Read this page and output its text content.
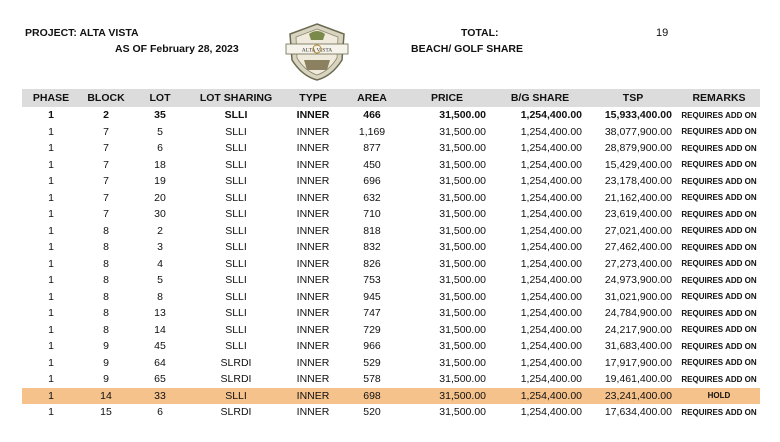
PROJECT: ALTA VISTA
AS OF February 28, 2023
TOTAL:	19
BEACH/ GOLF SHARE
ALTA VISTA
PHASE	BLOCK	LOT	LOT SHARING	TYPE	AREA	PRICE	B/G SHARE	TSP	REMARKS
1	2	35	SLLI	INNER	466	31,500.00	1,254,400.00	15,933,400.00	REQUIRES ADD ON
1	7	5	SLLI	INNER	1,169	31,500.00	1,254,400.00	38,077,900.00	REQUIRES ADD ON
1	7	6	SLLI	INNER	877	31,500.00	1,254,400.00	28,879,900.00	REQUIRES ADD ON
1	7	18	SLLI	INNER	450	31,500.00	1,254,400.00	15,429,400.00	REQUIRES ADD ON
1	7	19	SLLI	INNER	696	31,500.00	1,254,400.00	23,178,400.00	REQUIRES ADD ON
1	7	20	SLLI	INNER	632	31,500.00	1,254,400.00	21,162,400.00	REQUIRES ADD ON
1	7	30	SLLI	INNER	710	31,500.00	1,254,400.00	23,619,400.00	REQUIRES ADD ON
1	8	2	SLLI	INNER	818	31,500.00	1,254,400.00	27,021,400.00	REQUIRES ADD ON
1	8	3	SLLI	INNER	832	31,500.00	1,254,400.00	27,462,400.00	REQUIRES ADD ON
1	8	4	SLLI	INNER	826	31,500.00	1,254,400.00	27,273,400.00	REQUIRES ADD ON
1	8	5	SLLI	INNER	753	31,500.00	1,254,400.00	24,973,900.00	REQUIRES ADD ON
1	8	8	SLLI	INNER	945	31,500.00	1,254,400.00	31,021,900.00	REQUIRES ADD ON
1	8	13	SLLI	INNER	747	31,500.00	1,254,400.00	24,784,900.00	REQUIRES ADD ON
1	8	14	SLLI	INNER	729	31,500.00	1,254,400.00	24,217,900.00	REQUIRES ADD ON
1	9	45	SLLI	INNER	966	31,500.00	1,254,400.00	31,683,400.00	REQUIRES ADD ON
1	9	64	SLRDI	INNER	529	31,500.00	1,254,400.00	17,917,900.00	REQUIRES ADD ON
1	9	65	SLRDI	INNER	578	31,500.00	1,254,400.00	19,461,400.00	REQUIRES ADD ON
1	14	33	SLLI	INNER	698	31,500.00	1,254,400.00	23,241,400.00	HOLD
1	15	6	SLRDI	INNER	520	31,500.00	1,254,400.00	17,634,400.00	REQUIRES ADD ON
